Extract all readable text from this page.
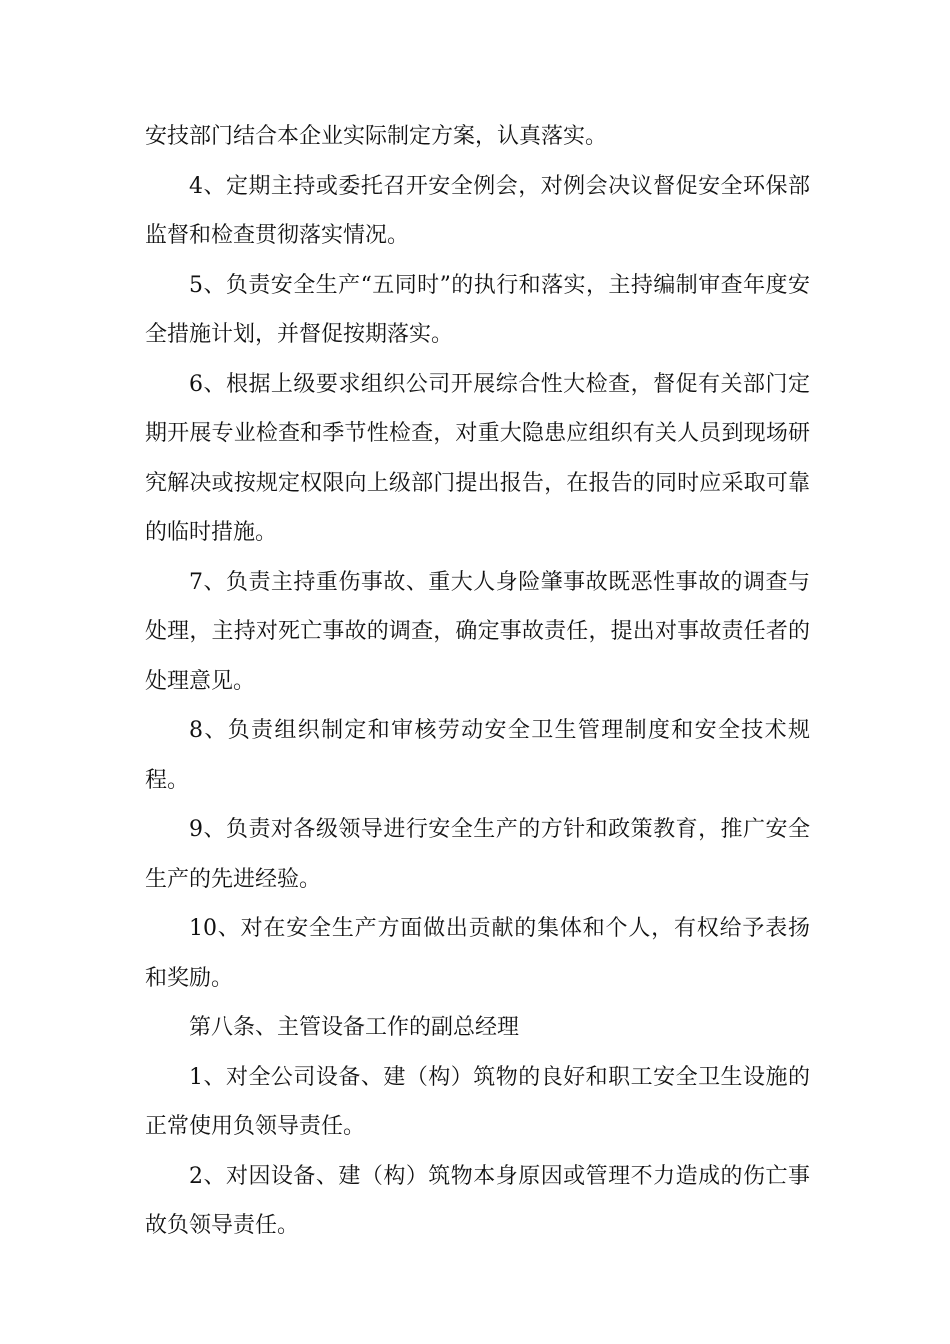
安技部门结合本企业实际制定方案，认真落实。

4、定期主持或委托召开安全例会，对例会决议督促安全环保部监督和检查贯彻落实情况。

5、负责安全生产“五同时”的执行和落实，主持编制审查年度安全措施计划，并督促按期落实。

6、根据上级要求组织公司开展综合性大检查，督促有关部门定期开展专业检查和季节性检查，对重大隐患应组织有关人员到现场研究解决或按规定权限向上级部门提出报告，在报告的同时应采取可靠的临时措施。

7、负责主持重伤事故、重大人身险肇事故既恶性事故的调查与处理，主持对死亡事故的调查，确定事故责任，提出对事故责任者的处理意见。

8、负责组织制定和审核劳动安全卫生管理制度和安全技术规程。

9、负责对各级领导进行安全生产的方针和政策教育，推广安全生产的先进经验。

10、对在安全生产方面做出贡献的集体和个人，有权给予表扬和奖励。

第八条、主管设备工作的副总经理

1、对全公司设备、建（构）筑物的良好和职工安全卫生设施的正常使用负领导责任。

2、对因设备、建（构）筑物本身原因或管理不力造成的伤亡事故负领导责任。
